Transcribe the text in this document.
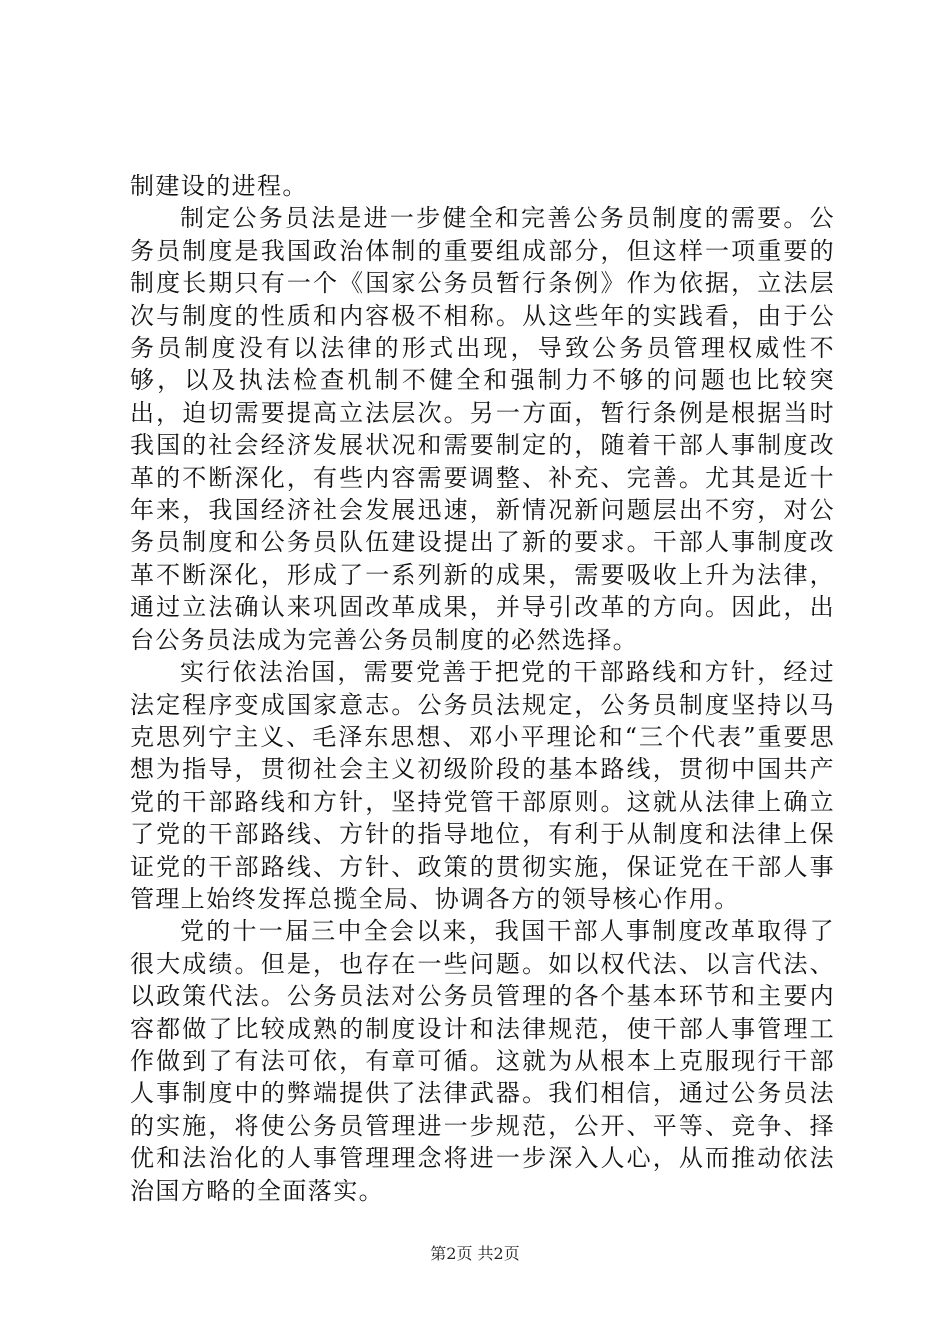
制建设的进程。

制定公务员法是进一步健全和完善公务员制度的需要。公务员制度是我国政治体制的重要组成部分，但这样一项重要的制度长期只有一个《国家公务员暂行条例》作为依据，立法层次与制度的性质和内容极不相称。从这些年的实践看，由于公务员制度没有以法律的形式出现，导致公务员管理权威性不够，以及执法检查机制不健全和强制力不够的问题也比较突出，迫切需要提高立法层次。另一方面，暂行条例是根据当时我国的社会经济发展状况和需要制定的，随着干部人事制度改革的不断深化，有些内容需要调整、补充、完善。尤其是近十年来，我国经济社会发展迅速，新情况新问题层出不穷，对公务员制度和公务员队伍建设提出了新的要求。干部人事制度改革不断深化，形成了一系列新的成果，需要吸收上升为法律，通过立法确认来巩固改革成果，并导引改革的方向。因此，出台公务员法成为完善公务员制度的必然选择。

实行依法治国，需要党善于把党的干部路线和方针，经过法定程序变成国家意志。公务员法规定，公务员制度坚持以马克思列宁主义、毛泽东思想、邓小平理论和“三个代表”重要思想为指导，贯彻社会主义初级阶段的基本路线，贯彻中国共产党的干部路线和方针，坚持党管干部原则。这就从法律上确立了党的干部路线、方针的指导地位，有利于从制度和法律上保证党的干部路线、方针、政策的贯彻实施，保证党在干部人事管理上始终发挥总揽全局、协调各方的领导核心作用。

党的十一届三中全会以来，我国干部人事制度改革取得了很大成绩。但是，也存在一些问题。如以权代法、以言代法、以政策代法。公务员法对公务员管理的各个基本环节和主要内容都做了比较成熟的制度设计和法律规范，使干部人事管理工作做到了有法可依，有章可循。这就为从根本上克服现行干部人事制度中的弊端提供了法律武器。我们相信，通过公务员法的实施，将使公务员管理进一步规范，公开、平等、竞争、择优和法治化的人事管理理念将进一步深入人心，从而推动依法治国方略的全面落实。

第2页 共2页
